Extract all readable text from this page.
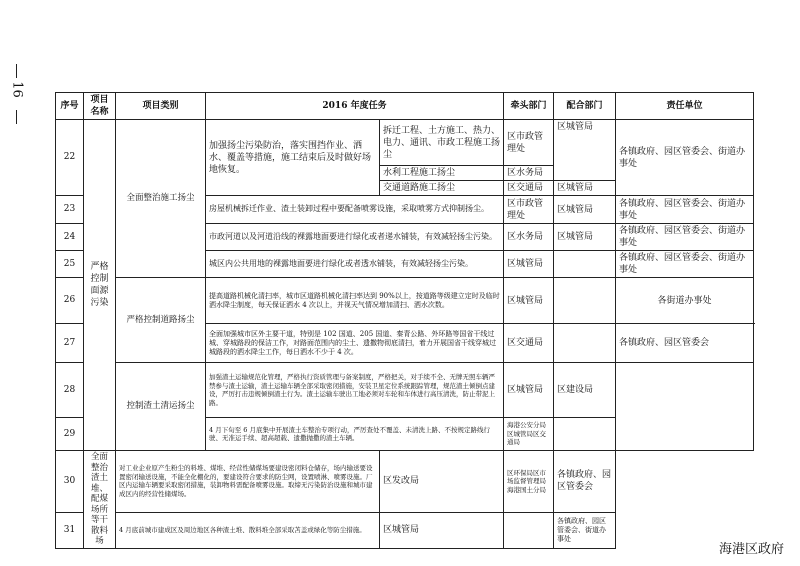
16
序号	项目名称	项目类别	2016 年度任务		牵头部门	配合部门	责任单位
22	严格控制面源污染	全面整治施工扬尘	加强扬尘污染防治，落实围挡作业、洒水、覆盖等措施，施工结束后及时做好场地恢复。	拆迁工程、土方施工、热力、电力、通讯、市政工程施工扬尘	区市政管理处	区城管局	各镇政府、园区管委会、街道办事处
				水利工程施工扬尘	区水务局		
				交通道路施工扬尘	区交通局	区城管局	
23			房屋机械拆迁作业、渣土装卸过程中要配备喷雾设施，采取喷雾方式抑制扬尘。		区市政管理处	区城管局	各镇政府、园区管委会、街道办事处
24			市政河道以及河道沿线的裸露地面要进行绿化或者递水铺装，有效减轻扬尘污染。		区水务局	区城管局	各镇政府、园区管委会、街道办事处
25			城区内公共用地的裸露地面要进行绿化或者透水铺装，有效减轻扬尘污染。		区城管局		各镇政府、园区管委会、街道办事处
26		严格控制道路扬尘	提高道路机械化清扫率，城市区道路机械化清扫率达到 90%以上，按道路等级建立定时及临时洒水降尘制度，每天保证洒水 4 次以上，并视天气情况增加清扫、洒水次数。		区城管局		各街道办事处
27			全面加强城市区外主要干道，特别是 102 国道、205 国道、秦青公路、外环路等国省干线过城、穿城路段的保洁工作，对路面范围内的尘土、遗撒物彻底清扫，着力开展国省干线穿城过城路段的洒水降尘工作，每日洒水不少于 4 次。		区交通局		各镇政府、园区管委会
28		控制渣土清运扬尘	加强渣土运输规范化管理，严格执行资质管理与备案制度，严格把关，对手续不全、无牌无照车辆严禁参与渣土运输，渣土运输车辆全部采取密闭措施，安装卫星定位系统跟踪管理，规范渣土倾倒点建设，严厉打击违规倾倒渣土行为。渣土运输车驶出工地必须对车轮和车体进行高压清洗，防止带泥上路。		区城管局	区建设局	
29			4 月下旬至 6 月底集中开展渣土车整治专项行动，严厉查处不覆盖、未清洗上路、不按规定路线行驶、无准运手续、超高超载、遗撒抛撒的渣土车辆。		海港公安分局区城管局区交通局		
30	全面整治渣土堆、配煤场所等干散料场	对工业企业原产生粉尘的料堆、煤堆、经营性储煤场要建设密闭料仓储存，场内输送要设置密闭输送设施，不能全化棚化的，要建设符合要求的防尘网，设置喷淋、喷雾设施。厂区内运输车辆要采取密闭措施，装卸物料需配备喷雾设施。取缔无污染防治设施和城市建成区内的经营性储煤场。		区发改局	区环保局区市场监督管理局海港国土分局	各镇政府、园区管委会	
31		4 月底前城市建成区及周边地区各种渣土堆、散料堆全部采取苫盖或绿化等防尘措施。		区城管局		各镇政府、园区管委会、街道办事处	
海港区政府
